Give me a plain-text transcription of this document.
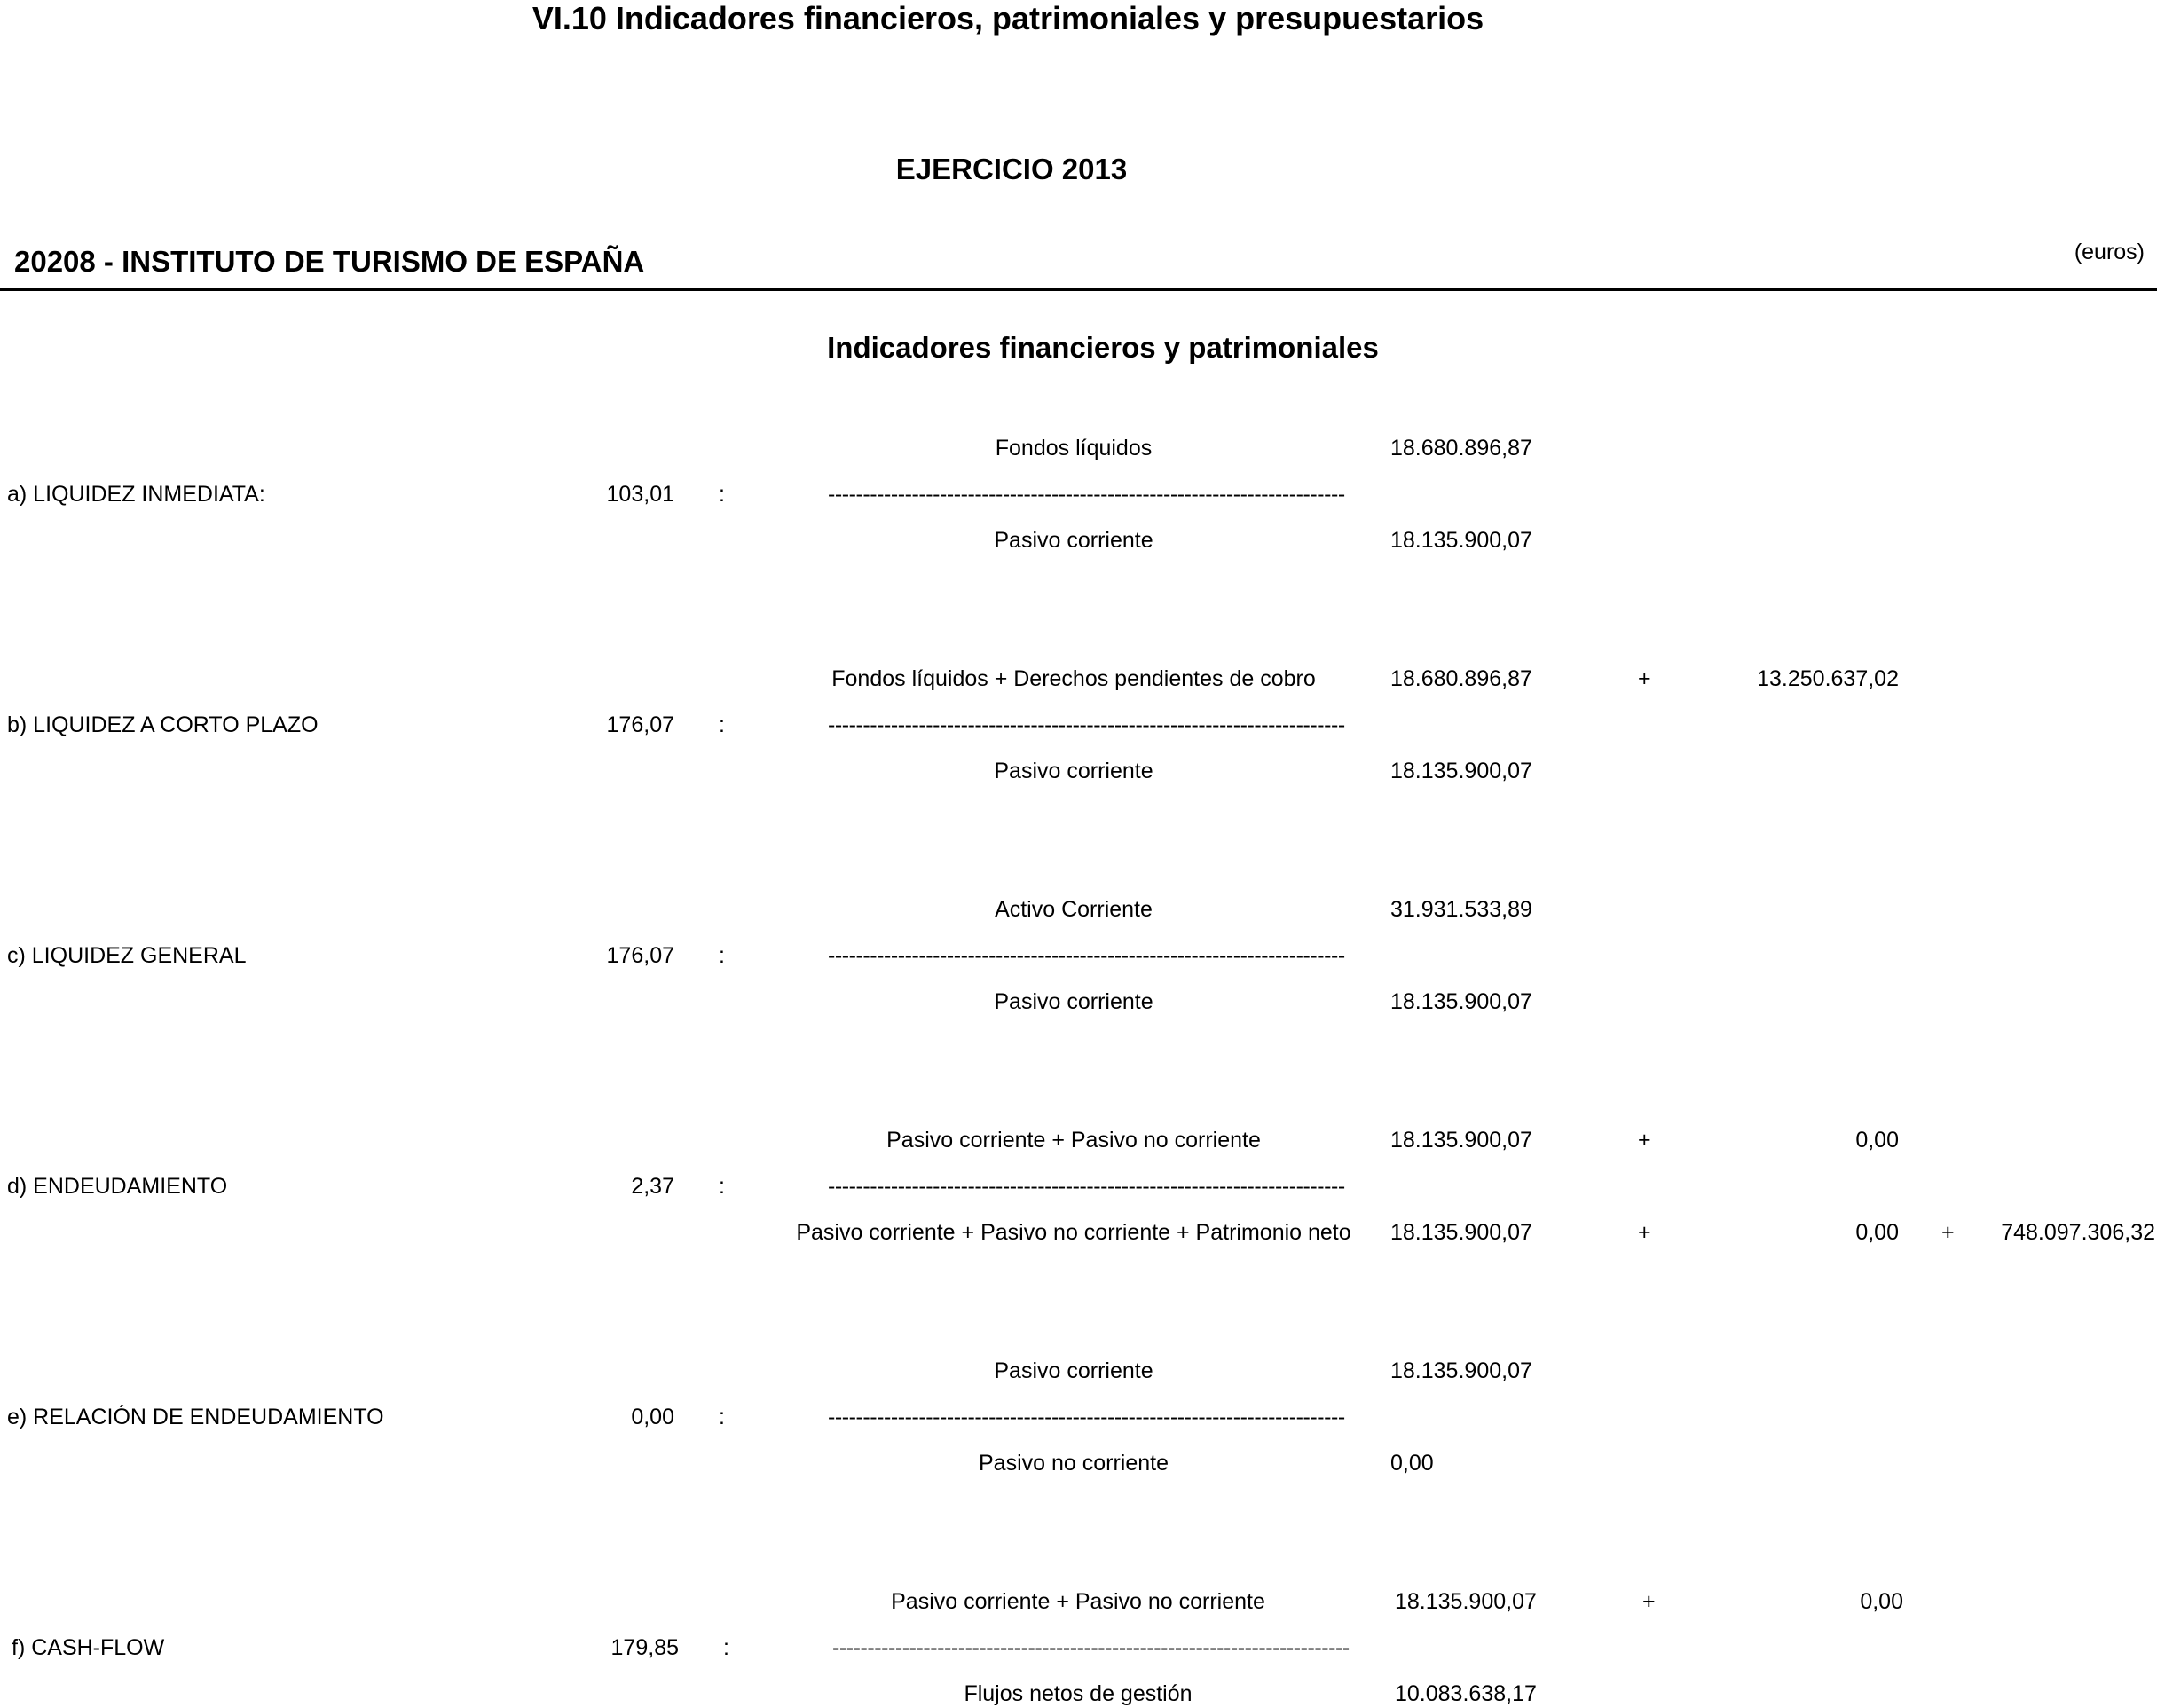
VI.10 Indicadores financieros, patrimoniales y presupuestarios
EJERCICIO 2013
20208 - INSTITUTO DE TURISMO DE ESPAÑA	(euros)
Indicadores financieros y patrimoniales
Fondos líquidos	18.680.896,87
a) LIQUIDEZ INMEDIATA:	103,01 :	--------------------------------------------------------------------------
Pasivo corriente	18.135.900,07
Fondos líquidos + Derechos pendientes de cobro	18.680.896,87	+	13.250.637,02
b) LIQUIDEZ A CORTO PLAZO	176,07 :	--------------------------------------------------------------------------
Pasivo corriente	18.135.900,07
Activo Corriente	31.931.533,89
c) LIQUIDEZ GENERAL	176,07 :	--------------------------------------------------------------------------
Pasivo corriente	18.135.900,07
Pasivo corriente + Pasivo no corriente	18.135.900,07	+	0,00
d) ENDEUDAMIENTO	2,37 :	--------------------------------------------------------------------------
Pasivo corriente + Pasivo no corriente + Patrimonio neto	18.135.900,07	+	0,00 +	748.097.306,32
Pasivo corriente	18.135.900,07
e) RELACIÓN DE ENDEUDAMIENTO	0,00 :	--------------------------------------------------------------------------
Pasivo no corriente	0,00
Pasivo corriente + Pasivo no corriente	18.135.900,07	+	0,00
f) CASH-FLOW	179,85 :	--------------------------------------------------------------------------
Flujos netos de gestión	10.083.638,17
